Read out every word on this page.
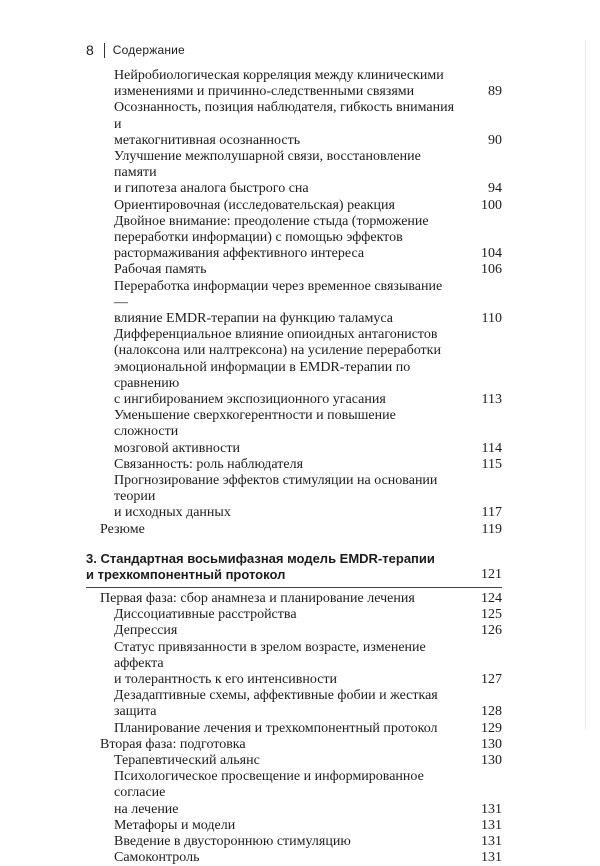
8 Содержание
Нейробиологическая корреляция между клиническими
изменениями и причинно-следственными связями	89
Осознанность, позиция наблюдателя, гибкость внимания и
метакогнитивная осознанность	90
Улучшение межполушарной связи, восстановление памяти
и гипотеза аналога быстрого сна	94
Ориентировочная (исследовательская) реакция	100
Двойное внимание: преодоление стыда (торможение
переработки информации) с помощью эффектов
растормаживания аффективного интереса	104
Рабочая память	106
Переработка информации через временное связывание —
влияние EMDR-терапии на функцию таламуса	110
Дифференциальное влияние опиоидных антагонистов
(налоксона или налтрексона) на усиление переработки
эмоциональной информации в EMDR-терапии по сравнению
с ингибированием экспозиционного угасания	113
Уменьшение сверхкогерентности и повышение сложности
мозговой активности	114
Связанность: роль наблюдателя	115
Прогнозирование эффектов стимуляции на основании теории
и исходных данных	117
Резюме	119
3. Стандартная восьмифазная модель EMDR-терапии
и трехкомпонентный протокол	121
Первая фаза: сбор анамнеза и планирование лечения	124
Диссоциативные расстройства	125
Депрессия	126
Статус привязанности в зрелом возрасте, изменение аффекта
и толерантность к его интенсивности	127
Дезадаптивные схемы, аффективные фобии и жесткая защита	128
Планирование лечения и трехкомпонентный протокол	129
Вторая фаза: подготовка	130
Терапевтический альянс	130
Психологическое просвещение и информированное согласие
на лечение	131
Метафоры и модели	131
Введение в двустороннюю стимуляцию	131
Самоконтроль	131
